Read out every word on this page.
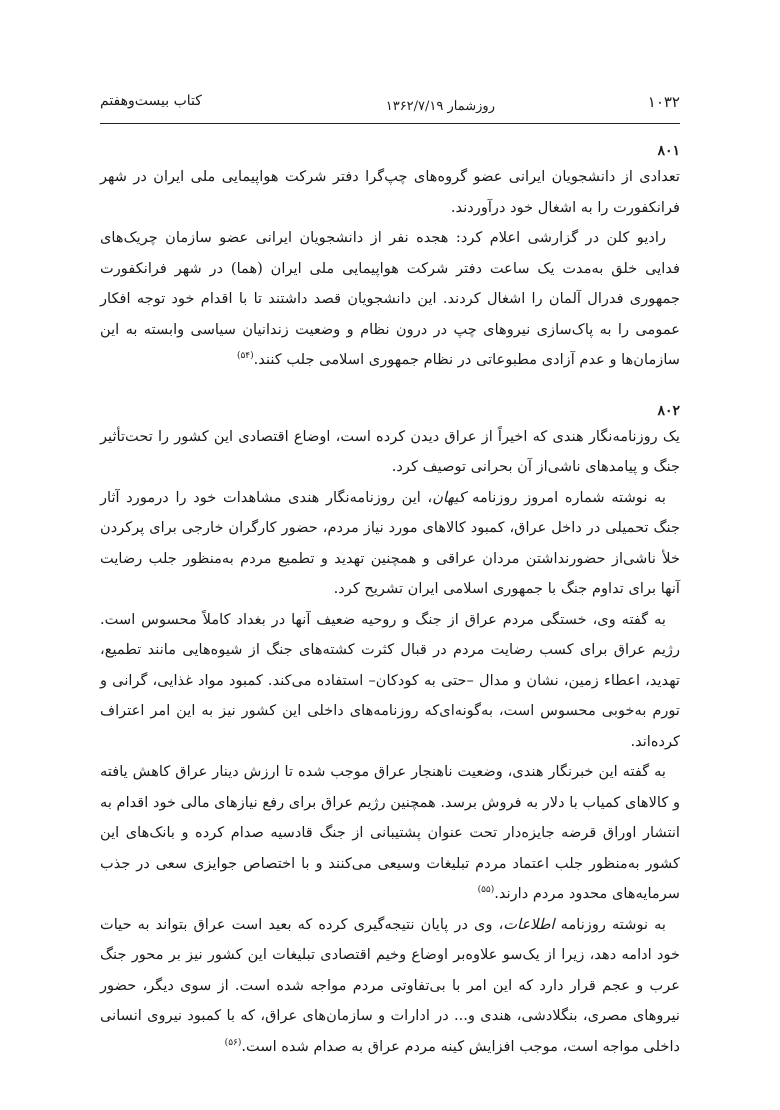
۱۰۳۲
روزشمار ۱۳۶۲/۷/۱۹
کتاب بیست‌وهفتم

۸۰۱

تعدادی از دانشجویان ایرانی عضو گروه‌های چپ‌گرا دفتر شرکت هواپیمایی ملی ایران در شهر فرانکفورت را به اشغال خود درآوردند.

رادیو کلن در گزارشی اعلام کرد: هجده نفر از دانشجویان ایرانی عضو سازمان چریک‌های فدایی خلق به‌مدت یک ساعت دفتر شرکت هواپیمایی ملی ایران (هما) در شهر فرانکفورت جمهوری فدرال آلمان را اشغال کردند. این دانشجویان قصد داشتند تا با اقدام خود توجه افکار عمومی را به پاک‌سازی نیروهای چپ در درون نظام و وضعیت زندانیان سیاسی وابسته به این سازمان‌ها و عدم آزادی مطبوعاتی در نظام جمهوری اسلامی جلب کنند.$^{(۵۴)}$

۸۰۲

یک روزنامه‌نگار هندی که اخیراً از عراق دیدن کرده است، اوضاع اقتصادی این کشور را تحت‌تأثیر جنگ و پیامدهای ناشی‌از آن بحرانی توصیف کرد.

به نوشته شماره امروز روزنامه کیهان، این روزنامه‌نگار هندی مشاهدات خود را درمورد آثار جنگ تحمیلی در داخل عراق، کمبود کالاهای مورد نیاز مردم، حضور کارگران خارجی برای پرکردن خلأ ناشی‌از حضورنداشتن مردان عراقی و همچنین تهدید و تطمیع مردم به‌منظور جلب رضایت آنها برای تداوم جنگ با جمهوری اسلامی ایران تشریح کرد.

به گفته وی، خستگی مردم عراق از جنگ و روحیه ضعیف آنها در بغداد کاملاً محسوس است. رژیم عراق برای کسب رضایت مردم در قبال کثرت کشته‌های جنگ از شیوه‌هایی مانند تطمیع، تهدید، اعطاء زمین، نشان و مدال –حتی به کودکان– استفاده می‌کند. کمبود مواد غذایی، گرانی و تورم به‌خوبی محسوس است، به‌گونه‌ای‌که روزنامه‌های داخلی این کشور نیز به این امر اعتراف کرده‌اند.

به گفته این خبرنگار هندی، وضعیت ناهنجار عراق موجب شده تا ارزش دینار عراق کاهش یافته و کالاهای کمیاب با دلار به فروش برسد. همچنین رژیم عراق برای رفع نیازهای مالی خود اقدام به انتشار اوراق قرضه جایزه‌دار تحت عنوان پشتیبانی از جنگ قادسیه صدام کرده و بانک‌های این کشور به‌منظور جلب اعتماد مردم تبلیغات وسیعی می‌کنند و با اختصاص جوایزی سعی در جذب سرمایه‌های محدود مردم دارند.$^{(۵۵)}$

به نوشته روزنامه اطلاعات، وی در پایان نتیجه‌گیری کرده که بعید است عراق بتواند به حیات خود ادامه دهد، زیرا از یک‌سو علاوه‌بر اوضاع وخیم اقتصادی تبلیغات این کشور نیز بر محور جنگ عرب و عجم قرار دارد که این امر با بی‌تفاوتی مردم مواجه شده است. از سوی دیگر، حضور نیروهای مصری، بنگلادشی، هندی و... در ادارات و سازمان‌های عراق، که با کمبود نیروی انسانی داخلی مواجه است، موجب افزایش کینه مردم عراق به صدام شده است.$^{(۵۶)}$
